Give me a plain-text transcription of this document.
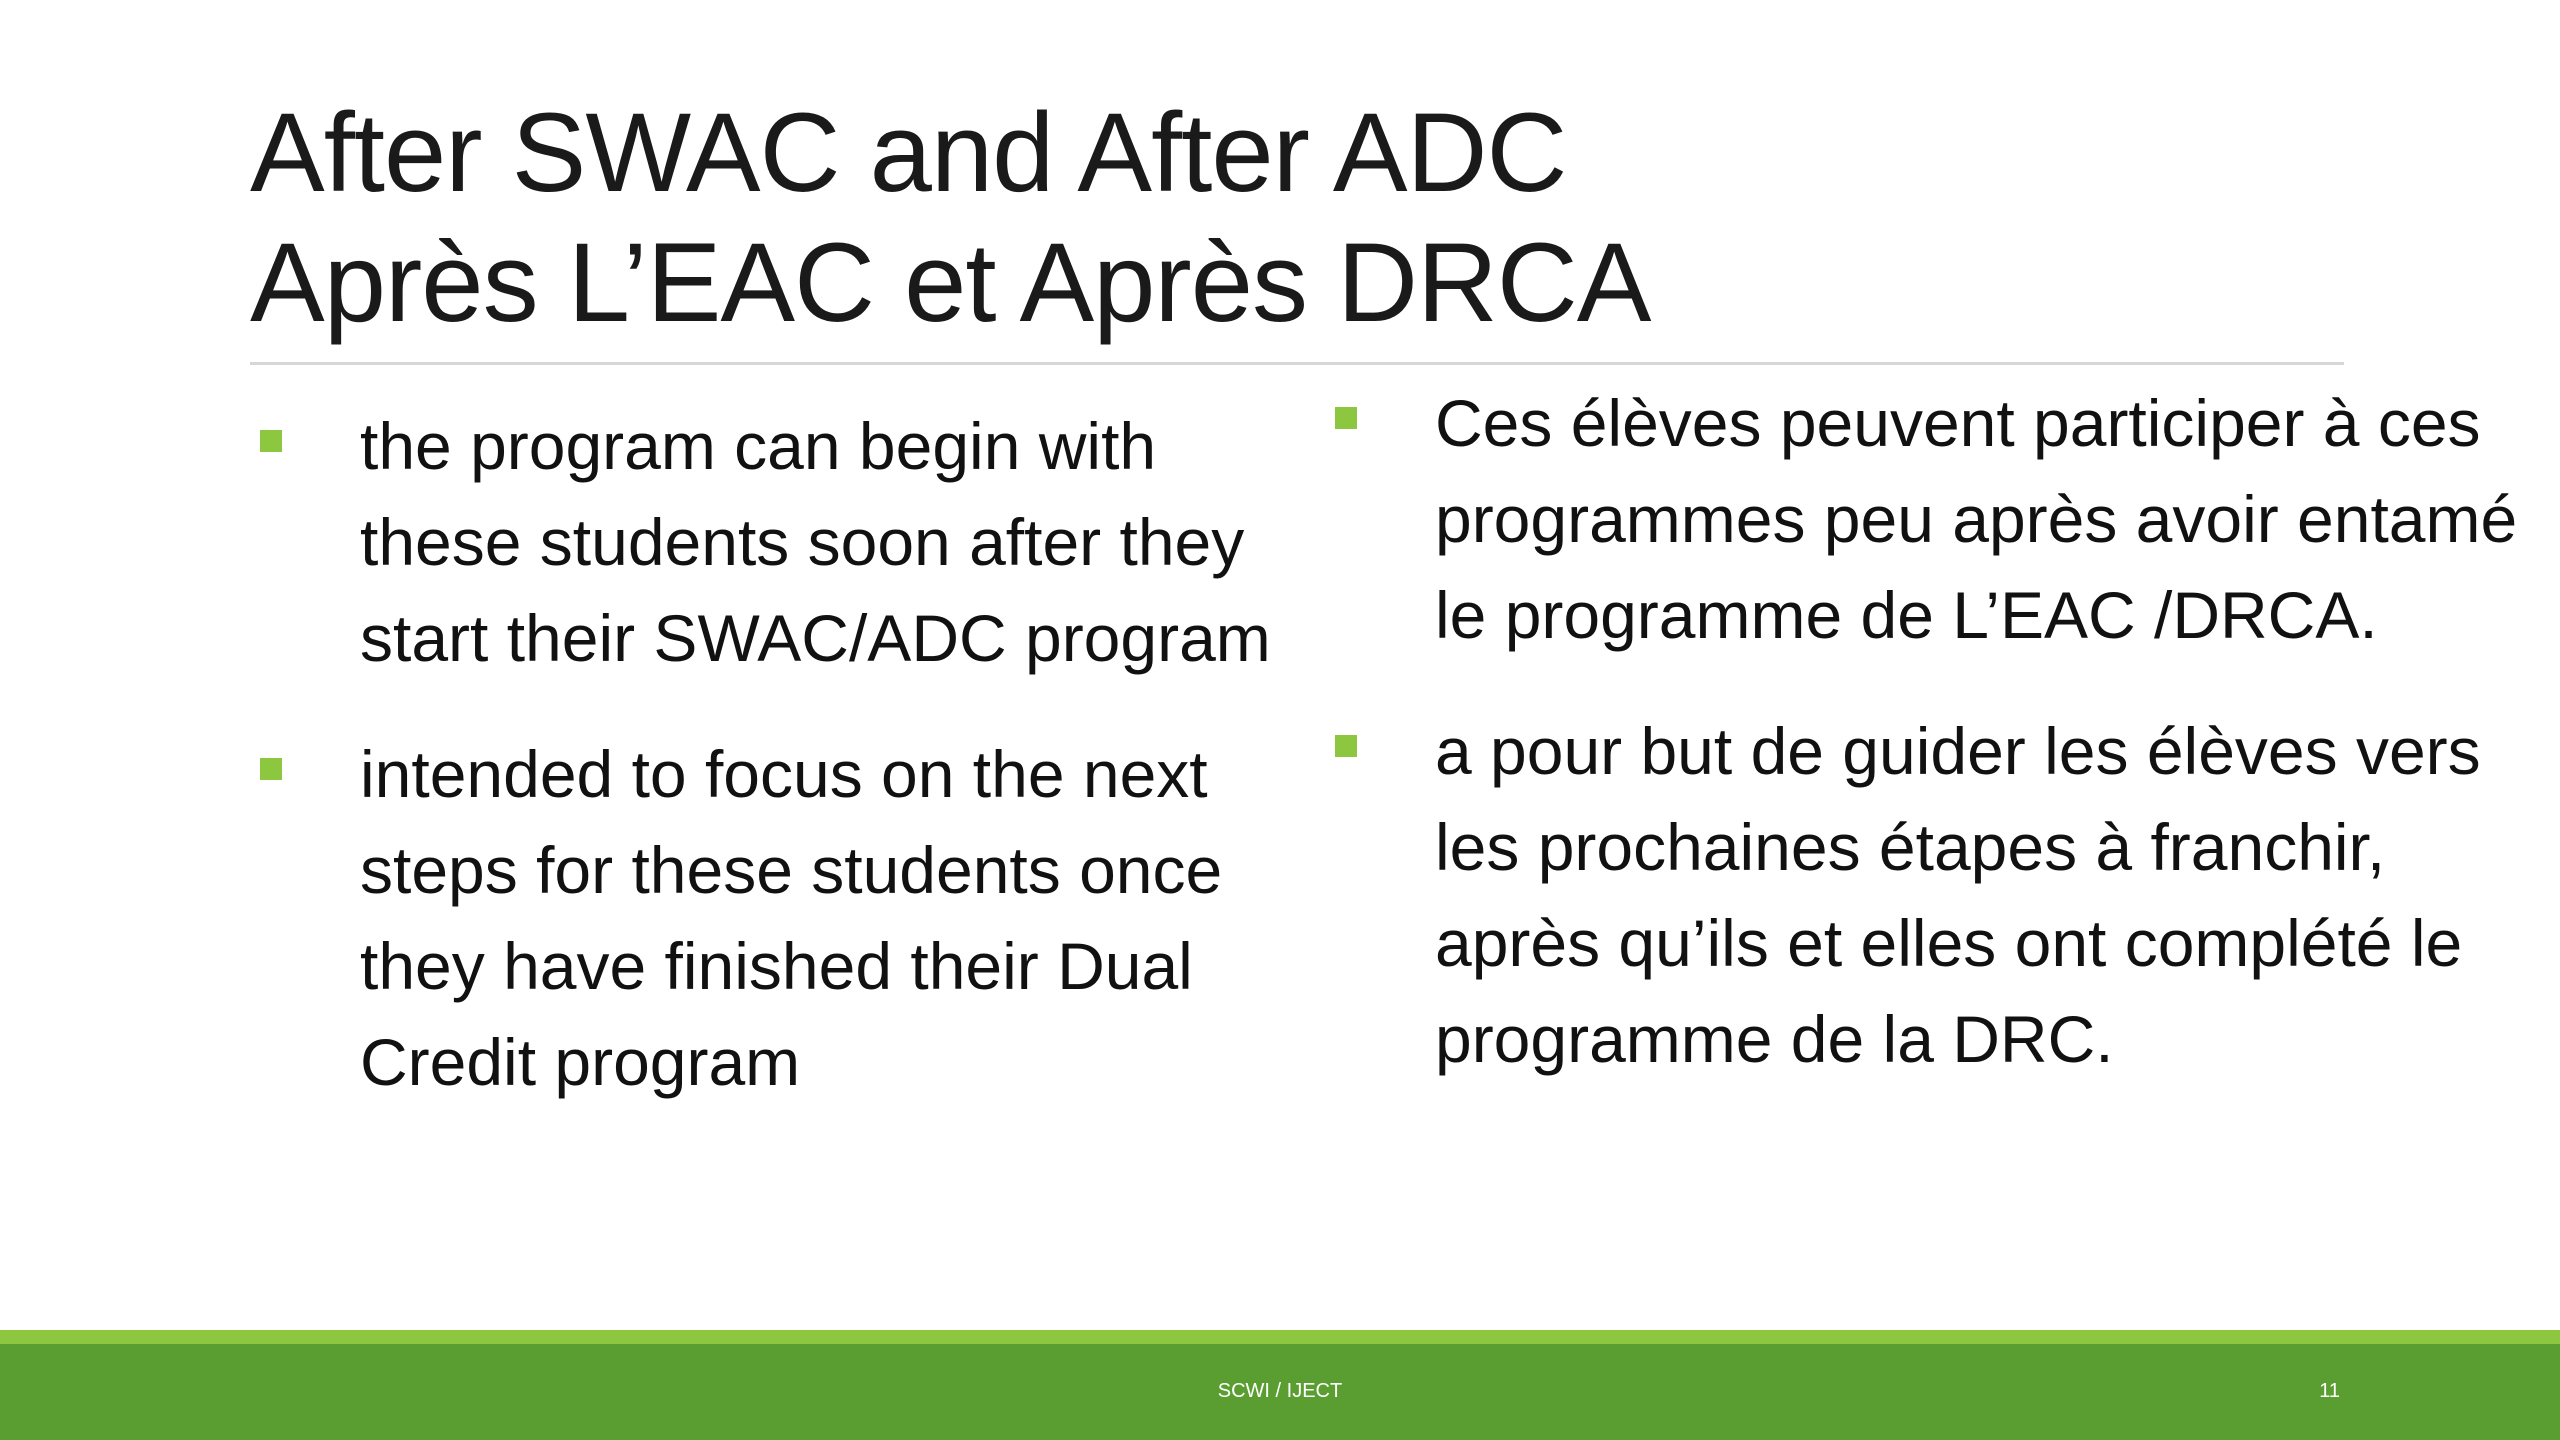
After SWAC and After ADC
Après L’EAC et Après DRCA
the program can begin with these students soon after they start their SWAC/ADC program
intended to focus on the next steps for these students once they have finished their Dual Credit program
Ces élèves peuvent participer à ces programmes peu après avoir entamé le programme de L’EAC /DRCA.
a pour but de guider les élèves vers les prochaines étapes à franchir, après qu’ils et elles ont complété le programme de la DRC.

SCWI / IJECT	11
